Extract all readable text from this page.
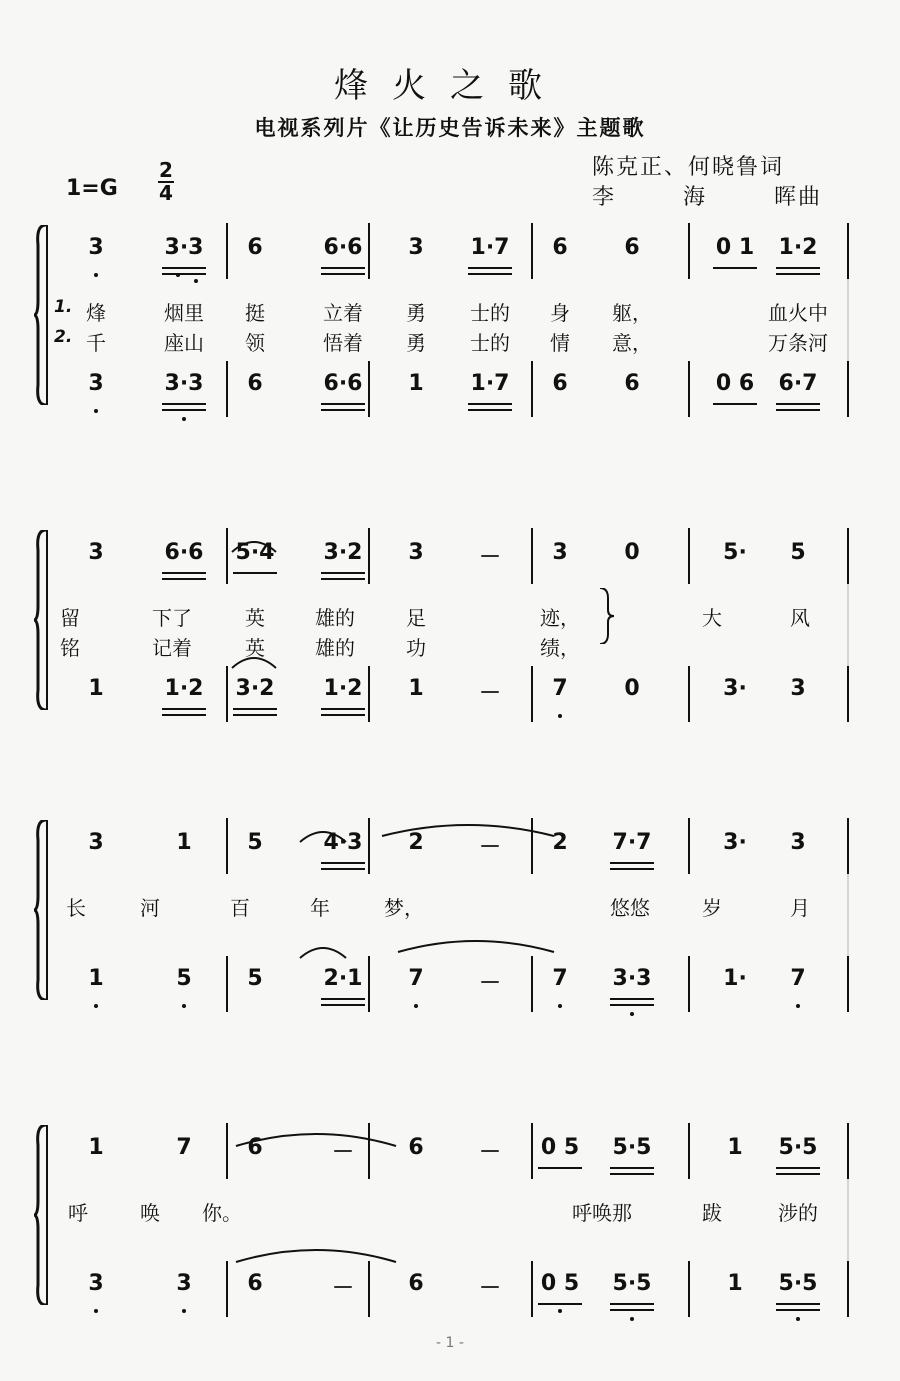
烽火之歌
电视系列片《让历史告诉未来》主题歌
1=G
2
4
陈克正、何晓鲁词
李	海	晖曲
3	3·3 6	6·6 3 1·7 6	6	0 1 1·2
3	3·3 6	6·6 1 1·7 6	6	0 6 6·7
1. 烽	烟里 挺	立着 勇 士的 身 躯，	血火中
2. 千	座山 领	悟着 勇 士的 情 意，	万条河
3	6·6 5·4 3·2 3	－ 3	0	5· 5
1	1·2 3·2 1·2 1	－ 7	0	3· 3
留	下了	英	雄的	足	迹，	大	风
铭	记着	英	雄的	功	绩，
3	1	5	4·3 2	－ 2 7·7	3· 3
1	5	5	2·1 7	－ 7 3·3	1· 7
长	河	百	年	梦，	悠悠	岁	月
1	7	6	－ 6	－ 0 5 5·5	1 5·5
3	3	6	－ 6	－ 0 5 5·5	1 5·5
呼	唤 你。	呼唤那	跋	涉的
- 1 -
